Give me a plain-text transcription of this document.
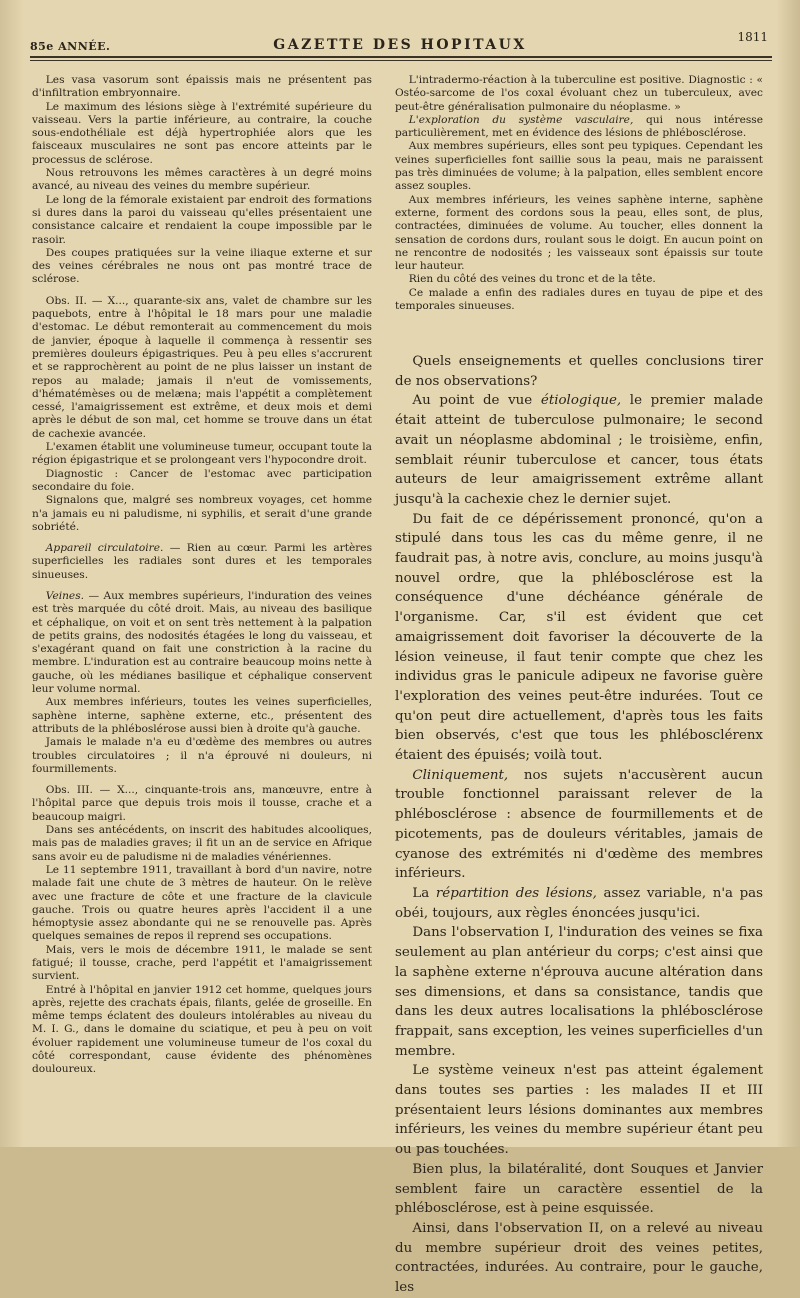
85e ANNÉE.	GAZETTE DES HOPITAUX	1811

Les vasa vasorum sont épaissis mais ne présentent pas d'infiltration embryonnaire.

Le maximum des lésions siège à l'extrémité supérieure du vaisseau. Vers la partie inférieure, au contraire, la couche sous-endothéliale est déjà hypertrophiée alors que les faisceaux musculaires ne sont pas encore atteints par le processus de sclérose.

Nous retrouvons les mêmes caractères à un degré moins avancé, au niveau des veines du membre supérieur.

Le long de la fémorale existaient par endroit des formations si dures dans la paroi du vaisseau qu'elles présentaient une consistance calcaire et rendaient la coupe impossible par le rasoir.

Des coupes pratiquées sur la veine iliaque externe et sur des veines cérébrales ne nous ont pas montré trace de sclérose.

Obs. II. — X..., quarante-six ans, valet de chambre sur les paquebots, entre à l'hôpital le 18 mars pour une maladie d'estomac. Le début remonterait au commencement du mois de janvier, époque à laquelle il commença à ressentir ses premières douleurs épigastriques. Peu à peu elles s'accrurent et se rapprochèrent au point de ne plus laisser un instant de repos au malade; jamais il n'eut de vomissements, d'hématémèses ou de melæna; mais l'appétit a complètement cessé, l'amaigrissement est extrême, et deux mois et demi après le début de son mal, cet homme se trouve dans un état de cachexie avancée.

L'examen établit une volumineuse tumeur, occupant toute la région épigastrique et se prolongeant vers l'hypocondre droit.

Diagnostic : Cancer de l'estomac avec participation secondaire du foie.

Signalons que, malgré ses nombreux voyages, cet homme n'a jamais eu ni paludisme, ni syphilis, et serait d'une grande sobriété.

Appareil circulatoire. — Rien au cœur. Parmi les artères superficielles les radiales sont dures et les temporales sinueuses.

Veines. — Aux membres supérieurs, l'induration des veines est très marquée du côté droit. Mais, au niveau des basilique et céphalique, on voit et on sent très nettement à la palpation de petits grains, des nodosités étagées le long du vaisseau, et s'exagérant quand on fait une constriction à la racine du membre. L'induration est au contraire beaucoup moins nette à gauche, où les médianes basilique et céphalique conservent leur volume normal.

Aux membres inférieurs, toutes les veines superficielles, saphène interne, saphène externe, etc., présentent des attributs de la phléboslérose aussi bien à droite qu'à gauche.

Jamais le malade n'a eu d'œdème des membres ou autres troubles circulatoires ; il n'a éprouvé ni douleurs, ni fourmillements.

Obs. III. — X..., cinquante-trois ans, manœuvre, entre à l'hôpital parce que depuis trois mois il tousse, crache et a beaucoup maigri.

Dans ses antécédents, on inscrit des habitudes alcooliques, mais pas de maladies graves; il fit un an de service en Afrique sans avoir eu de paludisme ni de maladies vénériennes.

Le 11 septembre 1911, travaillant à bord d'un navire, notre malade fait une chute de 3 mètres de hauteur. On le relève avec une fracture de côte et une fracture de la clavicule gauche. Trois ou quatre heures après l'accident il a une hémoptysie assez abondante qui ne se renouvelle pas. Après quelques semaines de repos il reprend ses occupations.

Mais, vers le mois de décembre 1911, le malade se sent fatigué; il tousse, crache, perd l'appétit et l'amaigrissement survient.

Entré à l'hôpital en janvier 1912 cet homme, quelques jours après, rejette des crachats épais, filants, gelée de groseille. En même temps éclatent des douleurs intolérables au niveau du M. I. G., dans le domaine du sciatique, et peu à peu on voit évoluer rapidement une volumineuse tumeur de l'os coxal du côté correspondant, cause évidente des phénomènes douloureux.

L'intradermo-réaction à la tuberculine est positive. Diagnostic : « Ostéo-sarcome de l'os coxal évoluant chez un tuberculeux, avec peut-être généralisation pulmonaire du néoplasme. »

L'exploration du système vasculaire, qui nous intéresse particulièrement, met en évidence des lésions de phlébosclérose.

Aux membres supérieurs, elles sont peu typiques. Cependant les veines superficielles font saillie sous la peau, mais ne paraissent pas très diminuées de volume; à la palpation, elles semblent encore assez souples.

Aux membres inférieurs, les veines saphène interne, saphène externe, forment des cordons sous la peau, elles sont, de plus, contractées, diminuées de volume. Au toucher, elles donnent la sensation de cordons durs, roulant sous le doigt. En aucun point on ne rencontre de nodosités ; les vaisseaux sont épaissis sur toute leur hauteur.

Rien du côté des veines du tronc et de la tête.

Ce malade a enfin des radiales dures en tuyau de pipe et des temporales sinueuses.

Quels enseignements et quelles conclusions tirer de nos observations?

Au point de vue étiologique, le premier malade était atteint de tuberculose pulmonaire; le second avait un néoplasme abdominal ; le troisième, enfin, semblait réunir tuberculose et cancer, tous états auteurs de leur amaigrissement extrême allant jusqu'à la cachexie chez le dernier sujet.

Du fait de ce dépérissement prononcé, qu'on a stipulé dans tous les cas du même genre, il ne faudrait pas, à notre avis, conclure, au moins jusqu'à nouvel ordre, que la phlébosclérose est la conséquence d'une déchéance générale de l'organisme. Car, s'il est évident que cet amaigrissement doit favoriser la découverte de la lésion veineuse, il faut tenir compte que chez les individus gras le panicule adipeux ne favorise guère l'exploration des veines peut-être indurées. Tout ce qu'on peut dire actuellement, d'après tous les faits bien observés, c'est que tous les phlébosclérenx étaient des épuisés; voilà tout.

Cliniquement, nos sujets n'accusèrent aucun trouble fonctionnel paraissant relever de la phlébosclérose : absence de fourmillements et de picotements, pas de douleurs véritables, jamais de cyanose des extrémités ni d'œdème des membres inférieurs.

La répartition des lésions, assez variable, n'a pas obéi, toujours, aux règles énoncées jusqu'ici.

Dans l'observation I, l'induration des veines se fixa seulement au plan antérieur du corps; c'est ainsi que la saphène externe n'éprouva aucune altération dans ses dimensions, et dans sa consistance, tandis que dans les deux autres localisations la phlébosclérose frappait, sans exception, les veines superficielles d'un membre.

Le système veineux n'est pas atteint également dans toutes ses parties : les malades II et III présentaient leurs lésions dominantes aux membres inférieurs, les veines du membre supérieur étant peu ou pas touchées.

Bien plus, la bilatéralité, dont Souques et Janvier semblent faire un caractère essentiel de la phlébosclérose, est à peine esquissée.

Ainsi, dans l'observation II, on a relevé au niveau du membre supérieur droit des veines petites, contractées, indurées. Au contraire, pour le gauche, les
